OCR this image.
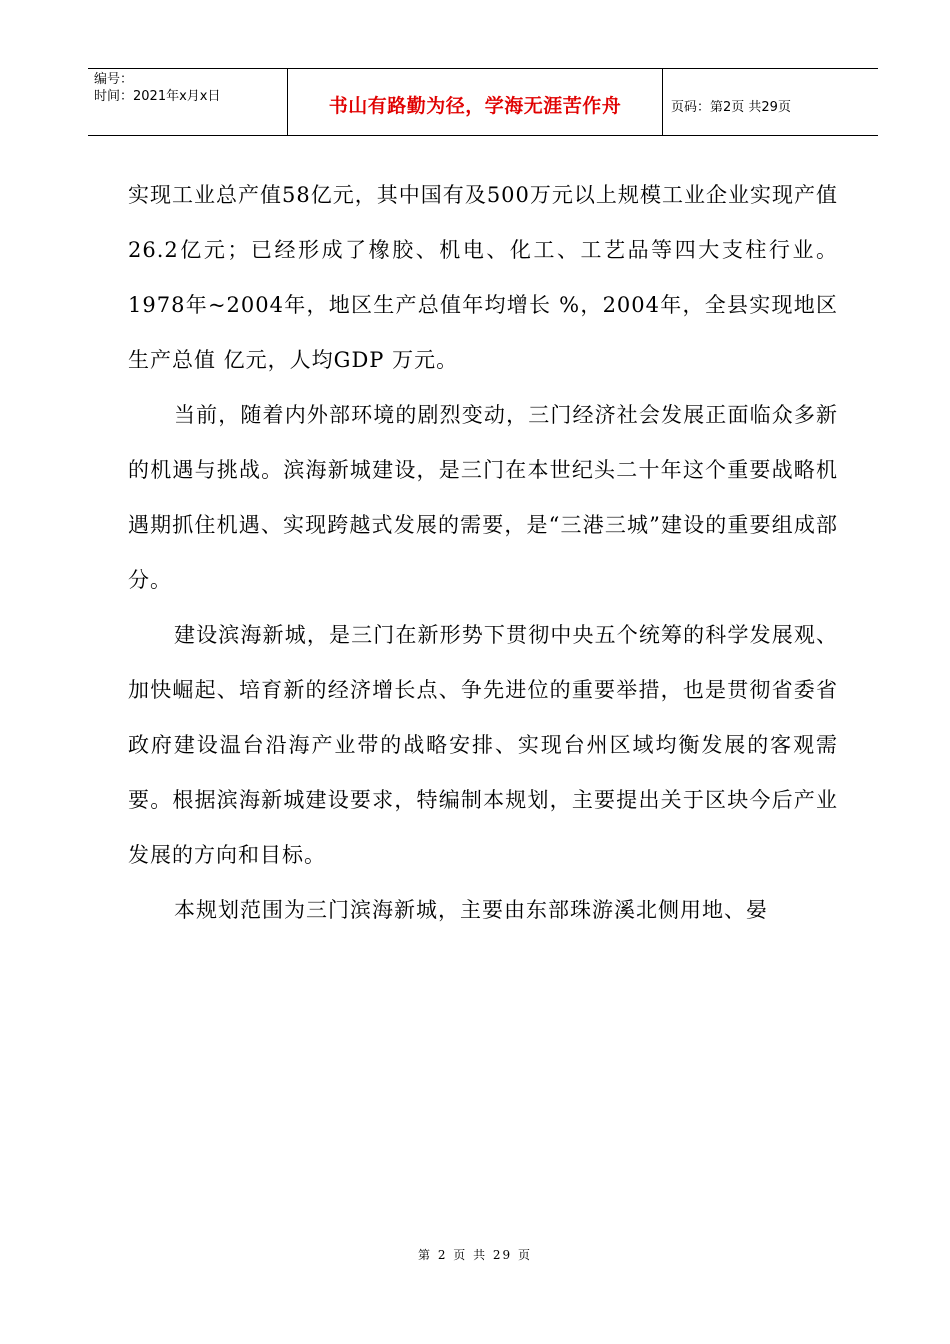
编号：
时间：2021年x月x日	书山有路勤为径，学海无涯苦作舟	页码：第2页 共29页

实现工业总产值58亿元，其中国有及500万元以上规模工业企业实现产值26.2亿元；已经形成了橡胶、机电、化工、工艺品等四大支柱行业。1978年~2004年，地区生产总值年均增长 %，2004年，全县实现地区生产总值 亿元，人均GDP 万元。

当前，随着内外部环境的剧烈变动，三门经济社会发展正面临众多新的机遇与挑战。滨海新城建设，是三门在本世纪头二十年这个重要战略机遇期抓住机遇、实现跨越式发展的需要，是“三港三城”建设的重要组成部分。

建设滨海新城，是三门在新形势下贯彻中央五个统筹的科学发展观、加快崛起、培育新的经济增长点、争先进位的重要举措，也是贯彻省委省政府建设温台沿海产业带的战略安排、实现台州区域均衡发展的客观需要。根据滨海新城建设要求，特编制本规划，主要提出关于区块今后产业发展的方向和目标。

本规划范围为三门滨海新城，主要由东部珠游溪北侧用地、晏

第 2 页 共 29 页
